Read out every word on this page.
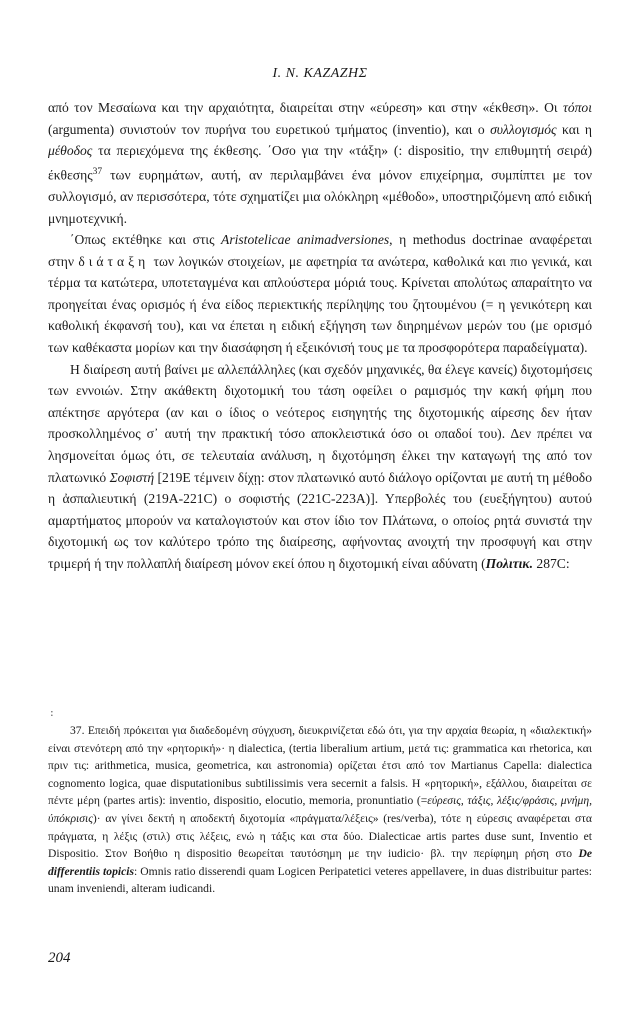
I. N. ΚΑΖΑΖΗΣ

από τον Μεσαίωνα και την αρχαιότητα, διαιρείται στην «εύρεση» και στην «έκθεση». Οι τόποι (argumenta) συνιστούν τον πυρήνα του ευρετικού τμήματος (inventio), και ο συλλογισμός και η μέθοδος τα περιεχόμενα της έκθεσης. ΄Οσο για την «τάξη» (: dispositio, την επιθυμητή σειρά) έκθεσης$^{37}$ των ευρημάτων, αυτή, αν περιλαμβάνει ένα μόνον επιχείρημα, συμπίπτει με τον συλλογισμό, αν περισσότερα, τότε σχηματίζει μια ολόκληρη «μέθοδο», υποστηριζόμενη από ειδική μνημοτεχνική.

΄Οπως εκτέθηκε και στις Aristotelicae animadversiones, η methodus doctrinae αναφέρεται στην διάταξη των λογικών στοιχείων, με αφετηρία τα ανώτερα, καθολικά και πιο γενικά, και τέρμα τα κατώτερα, υποτεταγμένα και απλούστερα μόριά τους. Κρίνεται απολύτως απαραίτητο να προηγείται ένας ορισμός ή ένα είδος περιεκτικής περίληψης του ζητουμένου (= η γενικότερη και καθολική έκφανσή του), και να έπεται η ειδική εξήγηση των διηρημένων μερών του (με ορισμό των καθέκαστα μορίων και την διασάφηση ή εξεικόνισή τους με τα προσφορότερα παραδείγματα).

Η διαίρεση αυτή βαίνει με αλλεπάλληλες (και σχεδόν μηχανικές, θα έλεγε κανείς) διχοτομήσεις των εννοιών. Στην ακάθεκτη διχοτομική του τάση οφείλει ο ραμισμός την κακή φήμη που απέκτησε αργότερα (αν και ο ίδιος ο νεότερος εισηγητής της διχοτομικής αίρεσης δεν ήταν προσκολλημένος σ᾽ αυτή την πρακτική τόσο αποκλειστικά όσο οι οπαδοί του). Δεν πρέπει να λησμονείται όμως ότι, σε τελευταία ανάλυση, η διχοτόμηση έλκει την καταγωγή της από τον πλατωνικό Σοφιστή [219Ε τέμνειν δίχῃ: στον πλατωνικό αυτό διάλογο ορίζονται με αυτή τη μέθοδο η ἀσπαλιευτική (219Α-221C) ο σοφιστής (221C-223A)]. Υπερβολές του (ευεξήγητου) αυτού αμαρτήματος μπορούν να καταλογιστούν και στον ίδιο τον Πλάτωνα, ο οποίος ρητά συνιστά την διχοτομική ως τον καλύτερο τρόπο της διαίρεσης, αφήνοντας ανοιχτή την προσφυγή και στην τριμερή ή την πολλαπλή διαίρεση μόνον εκεί όπου η διχοτομική είναι αδύνατη (Πολιτικ. 287C:

:

37. Επειδή πρόκειται για διαδεδομένη σύγχυση, διευκρινίζεται εδώ ότι, για την αρχαία θεωρία, η «διαλεκτική» είναι στενότερη από την «ρητορική»· η dialectica, (tertia liberalium artium, μετά τις: grammatica και rhetorica, και πριν τις: arithmetica, musica, geometrica, και astronomia) ορίζεται έτσι από τον Martianus Capella: dialectica cognomento logica, quae disputationibus subtilissimis vera secernit a falsis. Η «ρητορική», εξάλλου, διαιρείται σε πέντε μέρη (partes artis): inventio, dispositio, elocutio, memoria, pronuntiatio (=εύρεσις, τάξις, λέξις/φράσις, μνήμη, ύπόκρισις)· αν γίνει δεκτή η αποδεκτή διχοτομία «πράγματα/λέξεις» (res/verba), τότε η εύρεσις αναφέρεται στα πράγματα, η λέξις (στιλ) στις λέξεις, ενώ η τάξις και στα δύο. Dialecticae artis partes duse sunt, Inventio et Dispositio. Στον Βοήθιο η dispositio θεωρείται ταυτόσημη με την iudicio· βλ. την περίφημη ρήση στο De differentiis topicis: Omnis ratio disserendi quam Logicen Peripatetici veteres appellavere, in duas distribuitur partes: unam inveniendi, alteram iudicandi.

204
